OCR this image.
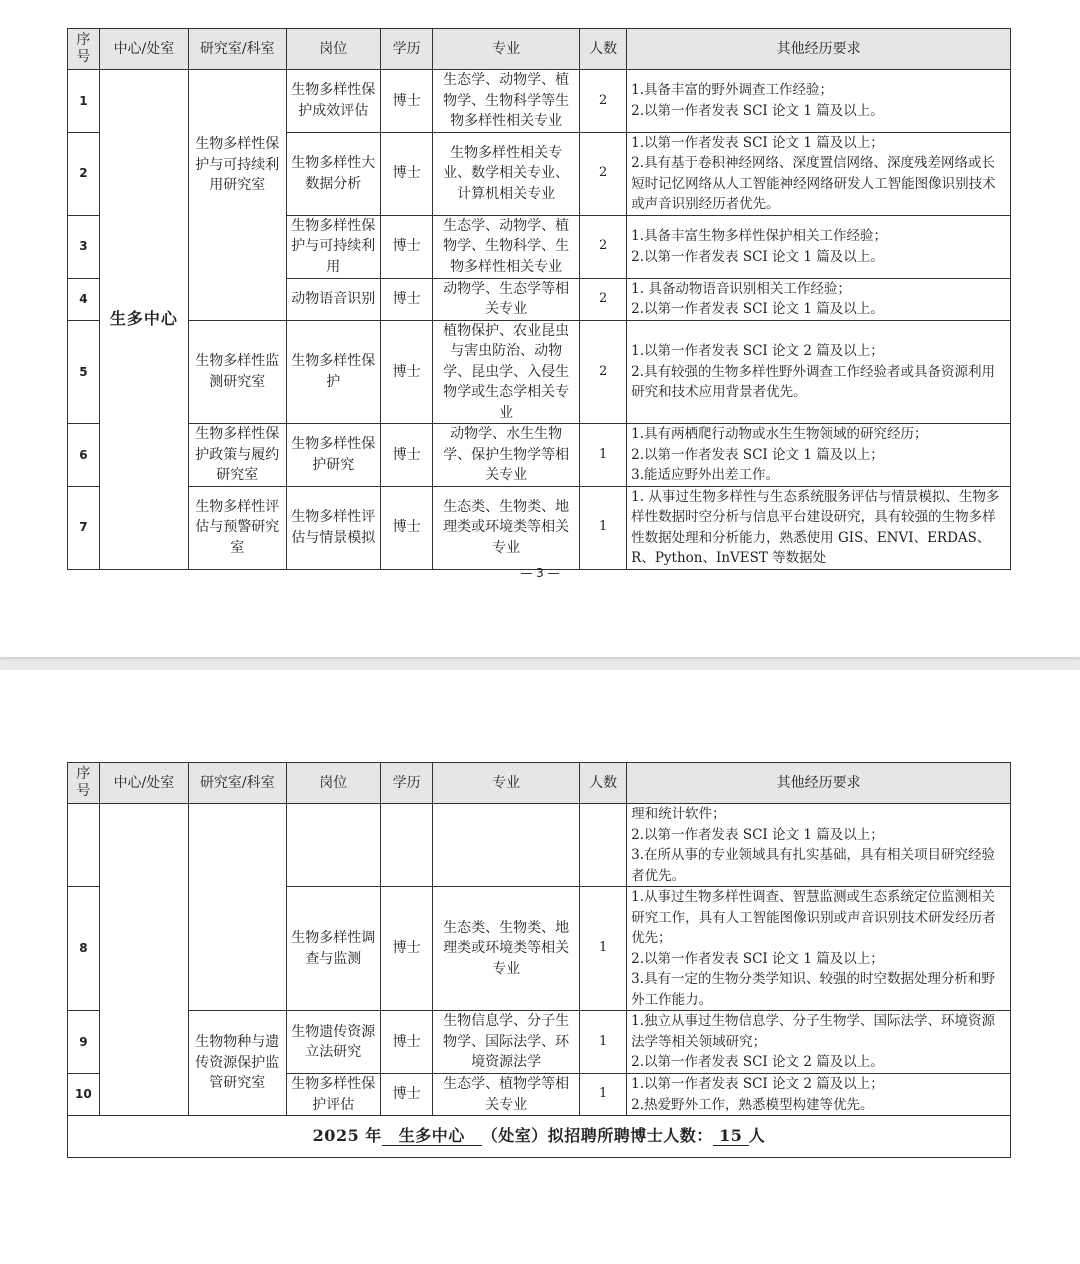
序号	中心/处室	研究室/科室	岗位	学历	专业	人数	其他经历要求
1	生多中心	生物多样性保护与可持续利用研究室	生物多样性保护成效评估	博士	生态学、动物学、植物学、生物科学等生物多样性相关专业	2	1.具备丰富的野外调查工作经验；
2.以第一作者发表 SCI 论文 1 篇及以上。

2			生物多样性大数据分析	博士	生物多样性相关专业、数学相关专业、计算机相关专业	2	1.以第一作者发表 SCI 论文 1 篇及以上；
2.具有基于卷积神经网络、深度置信网络、深度残差网络或长短时记忆网络从人工智能神经网络研发人工智能图像识别技术或声音识别经历者优先。

3			生物多样性保护与可持续利用	博士	生态学、动物学、植物学、生物科学、生物多样性相关专业	2	1.具备丰富生物多样性保护相关工作经验；
2.以第一作者发表 SCI 论文 1 篇及以上。

4			动物语音识别	博士	动物学、生态学等相关专业	2	1. 具备动物语音识别相关工作经验；
2.以第一作者发表 SCI 论文 1 篇及以上。

5		生物多样性监测研究室	生物多样性保护	博士	植物保护、农业昆虫与害虫防治、动物学、昆虫学、入侵生物学或生态学相关专业	2	1.以第一作者发表 SCI 论文 2 篇及以上；
2.具有较强的生物多样性野外调查工作经验者或具备资源利用研究和技术应用背景者优先。

6		生物多样性保护政策与履约研究室	生物多样性保护研究	博士	动物学、水生生物学、保护生物学等相关专业	1	1.具有两栖爬行动物或水生生物领域的研究经历；
2.以第一作者发表 SCI 论文 1 篇及以上；
3.能适应野外出差工作。

7		生物多样性评估与预警研究室	生物多样性评 估与情景模拟	博士	生态类、生物类、地理类或环境类等相关专业	1	1. 从事过生物多样性与生态系统服务评估与情景模拟、生物多样性数据时空分析与信息平台建设研究，具有较强的生物多样性数据处理和分析能力，熟悉使用 GIS、ENVI、ERDAS、R、Python、InVEST 等数据处
— 3 —
序号	中心/处室	研究室/科室	岗位	学历	专业	人数	其他经历要求

							理和统计软件；
2.以第一作者发表 SCI 论文 1 篇及以上；
3.在所从事的专业领域具有扎实基础，具有相关项目研究经验者优先。

8			生物多样性调查与监测	博士	生态类、生物类、地理类或环境类等相关专业	1	1.从事过生物多样性调查、智慧监测或生态系统定位监测相关研究工作，具有人工智能图像识别或声音识别技术研发经历者优先；
2.以第一作者发表 SCI 论文 1 篇及以上；
3.具有一定的生物分类学知识、较强的时空数据处理分析和野外工作能力。

9		生物物种与遗传资源保护监管研究室	生物遗传资源立法研究	博士	生物信息学、分子生物学、国际法学、环境资源法学	1	1.独立从事过生物信息学、分子生物学、国际法学、环境资源法学等相关领域研究；
2.以第一作者发表 SCI 论文 2 篇及以上。

10			生物多样性保护评估	博士	生态学、植物学等相关专业	1	1.以第一作者发表 SCI 论文 2 篇及以上；
2.热爱野外工作，熟悉模型构建等优先。

2025 年 生多中心 （处室）拟招聘所聘博士人数： 15 人							
